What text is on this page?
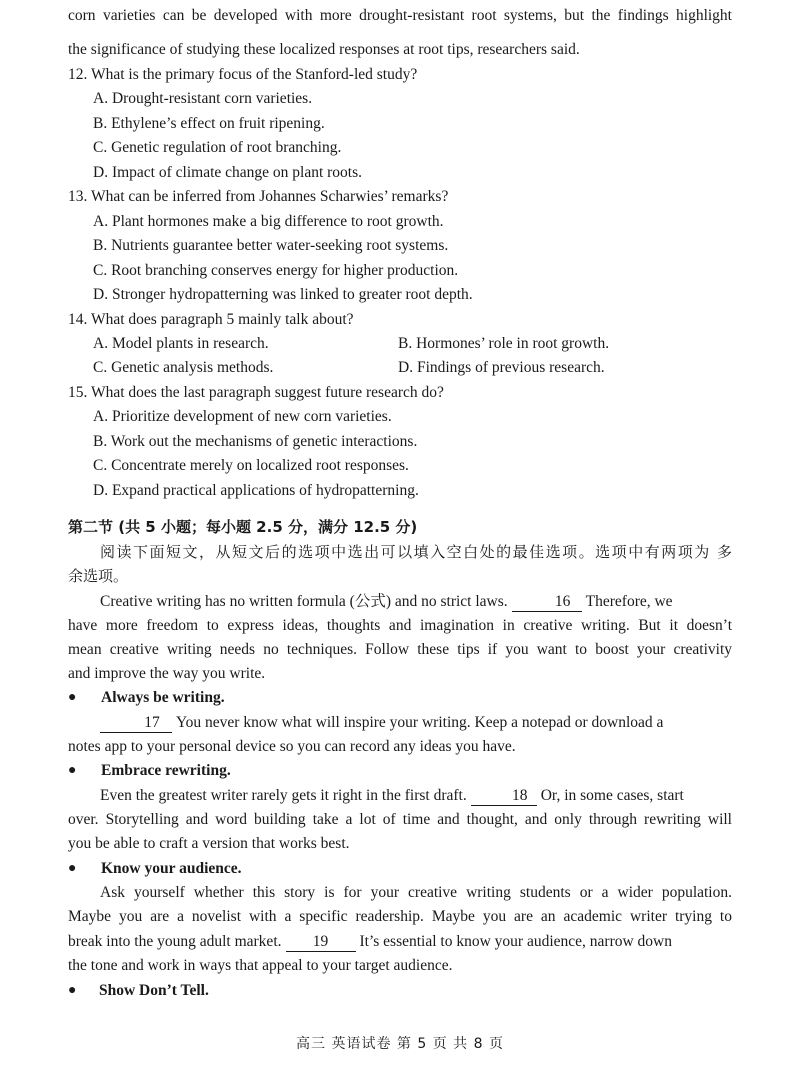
corn varieties can be developed with more drought-resistant root systems, but the findings highlight
the significance of studying these localized responses at root tips, researchers said.
12. What is the primary focus of the Stanford-led study?
A. Drought-resistant corn varieties.
B. Ethylene’s effect on fruit ripening.
C. Genetic regulation of root branching.
D. Impact of climate change on plant roots.
13. What can be inferred from Johannes Scharwies’ remarks?
A. Plant hormones make a big difference to root growth.
B. Nutrients guarantee better water-seeking root systems.
C. Root branching conserves energy for higher production.
D. Stronger hydropatterning was linked to greater root depth.
14. What does paragraph 5 mainly talk about?
A. Model plants in research.	B. Hormones’ role in root growth.
C. Genetic analysis methods.	D. Findings of previous research.
15. What does the last paragraph suggest future research do?
A. Prioritize development of new corn varieties.
B. Work out the mechanisms of genetic interactions.
C. Concentrate merely on localized root responses.
D. Expand practical applications of hydropatterning.
第二节 (共 5 小题；每小题 2.5 分，满分 12.5 分)
阅读下面短文，从短文后的选项中选出可以填入空白处的最佳选项。选项中有两项为 多
余选项。
Creative writing has no written formula (公式) and no strict laws.	16 Therefore, we
have more freedom to express ideas, thoughts and imagination in creative writing. But it doesn’t
mean creative writing needs no techniques. Follow these tips if you want to boost your creativity
and improve the way you write.
● Always be writing.
17 You never know what will inspire your writing. Keep a notepad or download a
notes app to your personal device so you can record any ideas you have.
● Embrace rewriting.
Even the greatest writer rarely gets it right in the first draft.	18 Or, in some cases, start
over. Storytelling and word building take a lot of time and thought, and only through rewriting will
you be able to craft a version that works best.
● Know your audience.
Ask yourself whether this story is for your creative writing students or a wider population.
Maybe you are a novelist with a specific readership. Maybe you are an academic writer trying to
break into the young adult market. 19 It’s essential to know your audience, narrow down
the tone and work in ways that appeal to your target audience.
● Show Don’t Tell.
高三 英语试卷 第 5 页 共 8 页
